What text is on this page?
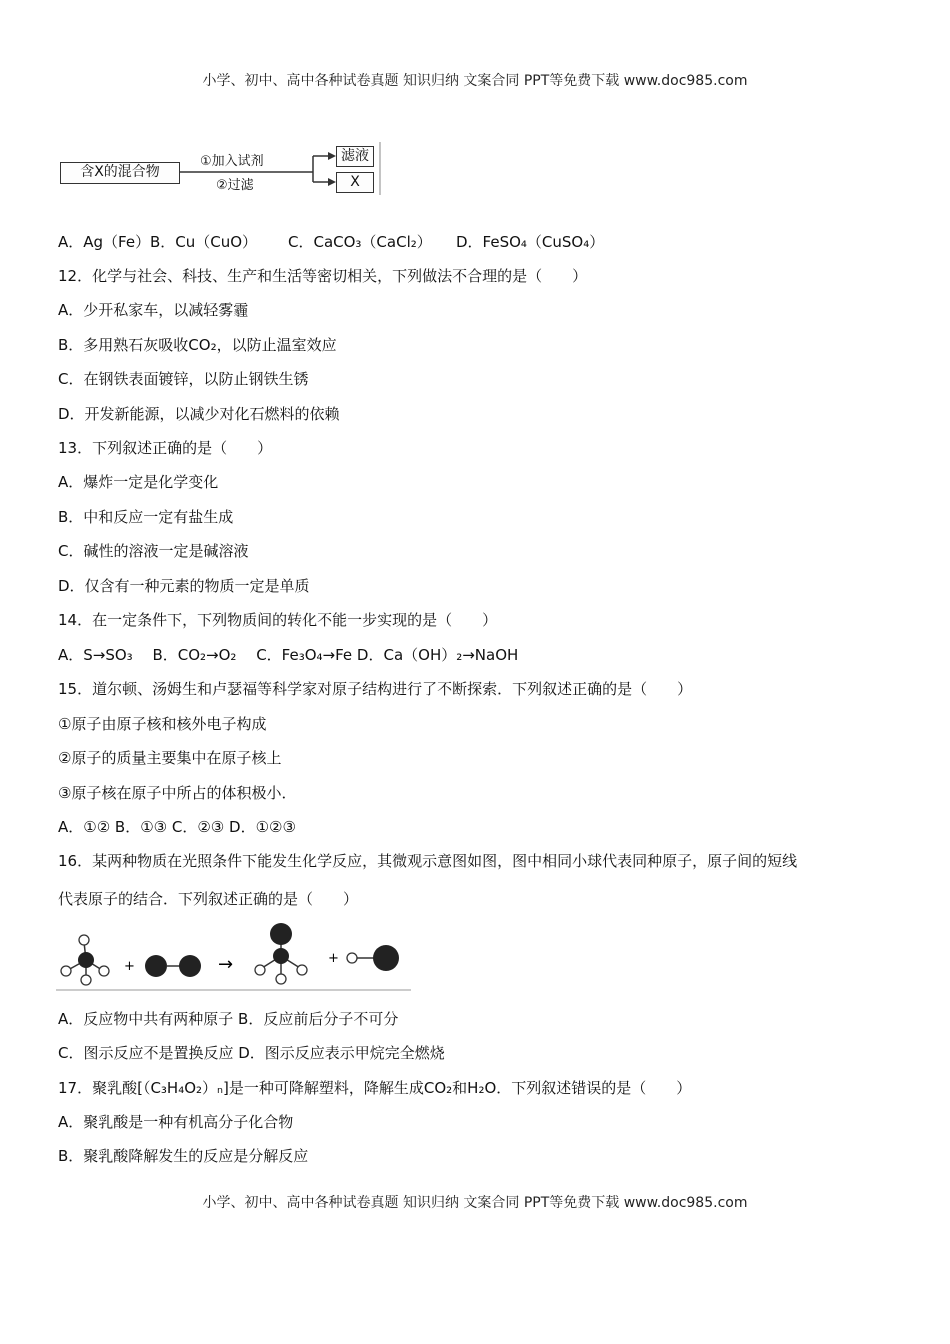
小学、初中、高中各种试卷真题 知识归纳 文案合同 PPT等免费下载 www.doc985.com
含X的混合物
①加入试剂
②过滤
滤液
X
A．Ag（Fe）B．Cu（CuO） C．CaCO₃（CaCl₂） D．FeSO₄（CuSO₄）
12．化学与社会、科技、生产和生活等密切相关，下列做法不合理的是（　　）
A．少开私家车，以减轻雾霾
B．多用熟石灰吸收CO₂，以防止温室效应
C．在钢铁表面镀锌，以防止钢铁生锈
D．开发新能源，以减少对化石燃料的依赖
13．下列叙述正确的是（　　）
A．爆炸一定是化学变化
B．中和反应一定有盐生成
C．碱性的溶液一定是碱溶液
D．仅含有一种元素的物质一定是单质
14．在一定条件下，下列物质间的转化不能一步实现的是（　　）
A．S→SO₃　 B．CO₂→O₂　 C．Fe₃O₄→Fe D．Ca（OH）₂→NaOH
15．道尔顿、汤姆生和卢瑟福等科学家对原子结构进行了不断探索．下列叙述正确的是（　　）
①原子由原子核和核外电子构成
②原子的质量主要集中在原子核上
③原子核在原子中所占的体积极小．
A．①② B．①③ C．②③ D．①②③
16．某两种物质在光照条件下能发生化学反应，其微观示意图如图，图中相同小球代表同种原子，原子间的短线
代表原子的结合．下列叙述正确的是（　　）
+	→	+
A．反应物中共有两种原子 B．反应前后分子不可分
C．图示反应不是置换反应 D．图示反应表示甲烷完全燃烧
17．聚乳酸[（C₃H₄O₂）ₙ]是一种可降解塑料，降解生成CO₂和H₂O．下列叙述错误的是（　　）
A．聚乳酸是一种有机高分子化合物
B．聚乳酸降解发生的反应是分解反应
小学、初中、高中各种试卷真题 知识归纳 文案合同 PPT等免费下载 www.doc985.com
